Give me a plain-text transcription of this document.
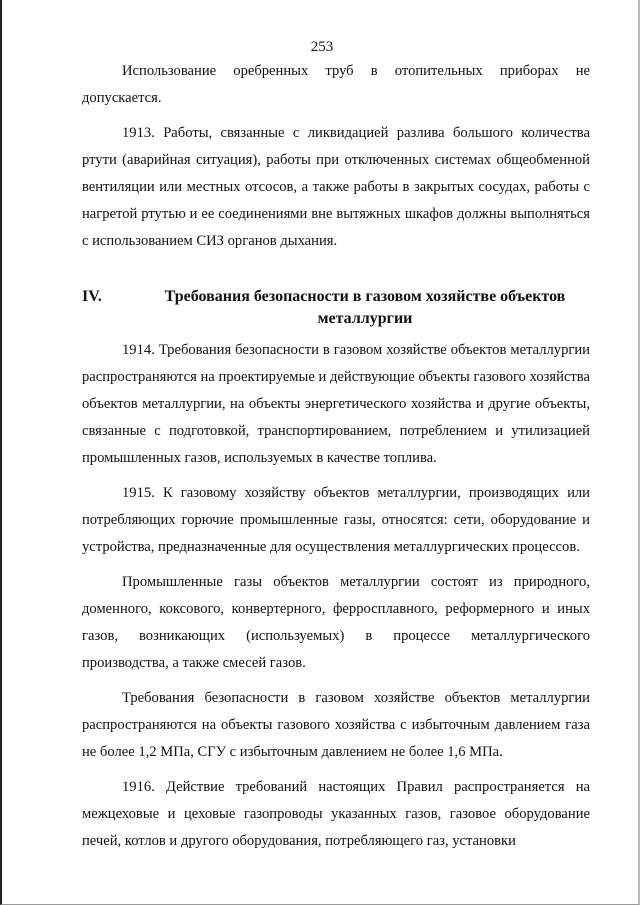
253

Использование оребренных труб в отопительных приборах не допускается.

1913. Работы, связанные с ликвидацией разлива большого количества ртути (аварийная ситуация), работы при отключенных системах общеобменной вентиляции или местных отсосов, а также работы в закрытых сосудах, работы с нагретой ртутью и ее соединениями вне вытяжных шкафов должны выполняться с использованием СИЗ органов дыхания.

IV.	Требования безопасности в газовом хозяйстве объектов металлургии

1914. Требования безопасности в газовом хозяйстве объектов металлургии распространяются на проектируемые и действующие объекты газового хозяйства объектов металлургии, на объекты энергетического хозяйства и другие объекты, связанные с подготовкой, транспортированием, потреблением и утилизацией промышленных газов, используемых в качестве топлива.

1915. К газовому хозяйству объектов металлургии, производящих или потребляющих горючие промышленные газы, относятся: сети, оборудование и устройства, предназначенные для осуществления металлургических процессов.

Промышленные газы объектов металлургии состоят из природного, доменного, коксового, конвертерного, ферросплавного, реформерного и иных газов, возникающих (используемых) в процессе металлургического производства, а также смесей газов.

Требования безопасности в газовом хозяйстве объектов металлургии распространяются на объекты газового хозяйства с избыточным давлением газа не более 1,2 МПа, СГУ с избыточным давлением не более 1,6 МПа.

1916. Действие требований настоящих Правил распространяется на межцеховые и цеховые газопроводы указанных газов, газовое оборудование печей, котлов и другого оборудования, потребляющего газ, установки
